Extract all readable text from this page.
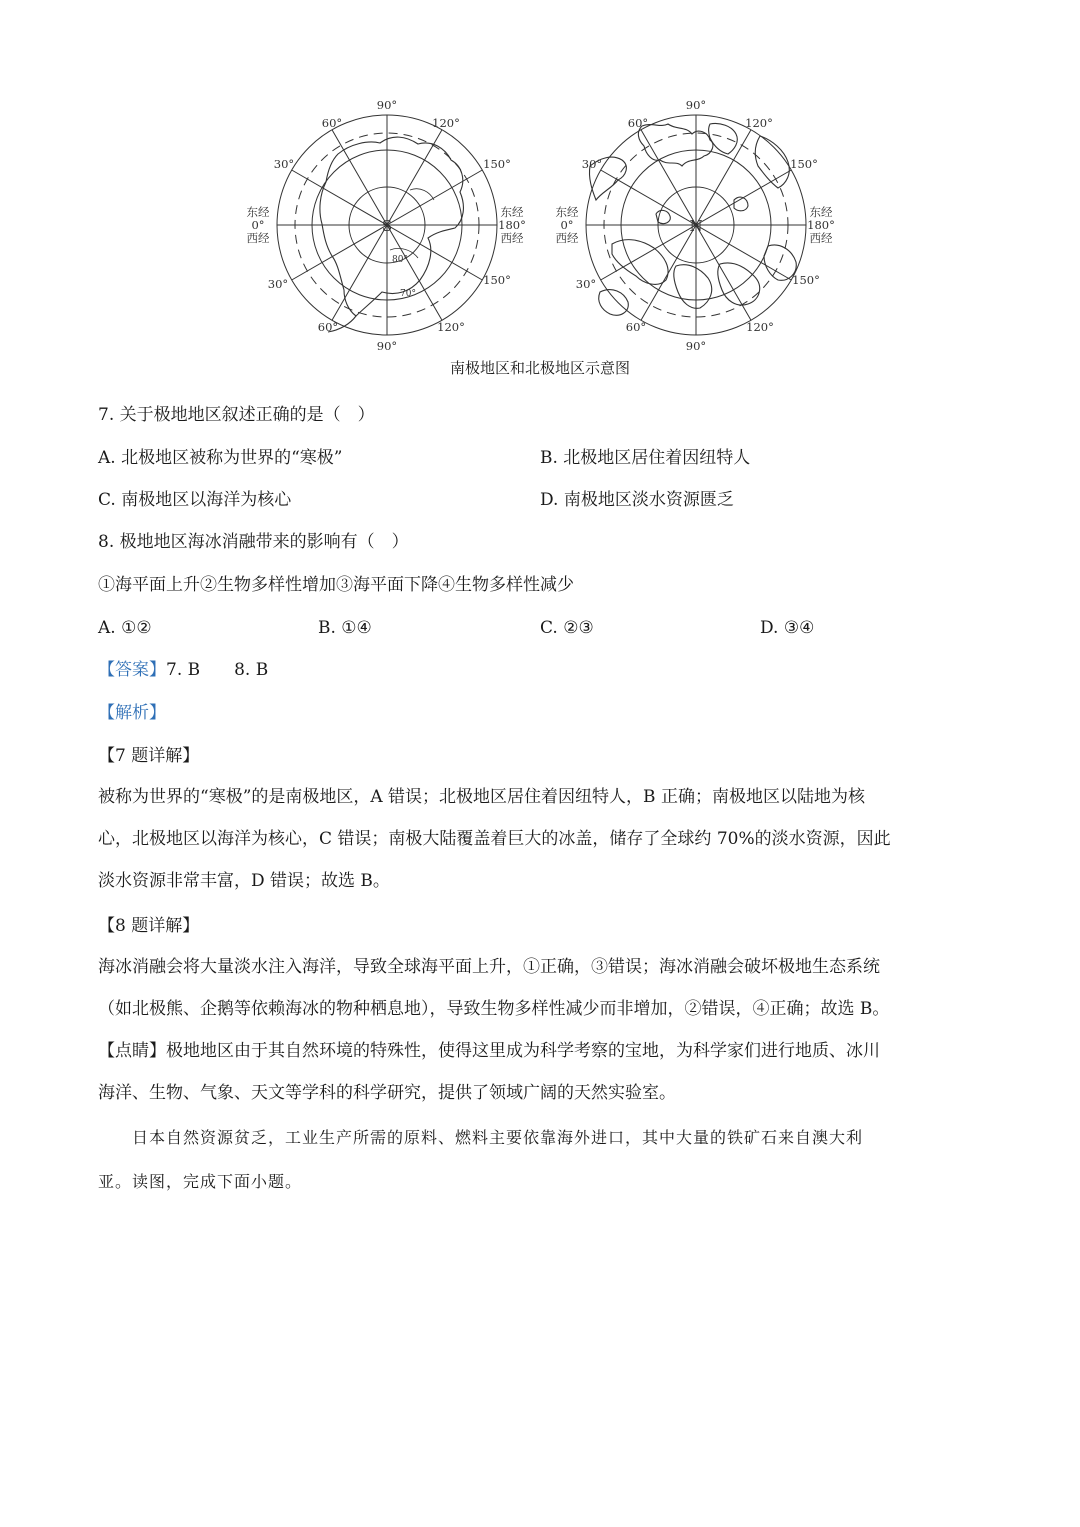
90°
60°	120°
30°	150°
30°	150°
60°	120°
90°
东经
0°
西经
东经
180°
西经
S
80°
70°
90°
60°	120°
30°	150°
30°	150°
60°	120°
90°
东经
0°
西经
东经
180°
西经
N
南极地区和北极地区示意图
7. 关于极地地区叙述正确的是（　）
A. 北极地区被称为世界的“寒极”	B. 北极地区居住着因纽特人
C. 南极地区以海洋为核心	D. 南极地区淡水资源匮乏
8. 极地地区海冰消融带来的影响有（　）
①海平面上升②生物多样性增加③海平面下降④生物多样性减少
A. ①②	B. ①④	C. ②③	D. ③④
【答案】7. B　　8. B
【解析】
【7 题详解】

被称为世界的“寒极”的是南极地区，A 错误；北极地区居住着因纽特人，B 正确；南极地区以陆地为核

心，北极地区以海洋为核心，C 错误；南极大陆覆盖着巨大的冰盖，储存了全球约 70%的淡水资源，因此

淡水资源非常丰富，D 错误；故选 B。

【8 题详解】

海冰消融会将大量淡水注入海洋，导致全球海平面上升，①正确，③错误；海冰消融会破坏极地生态系统

（如北极熊、企鹅等依赖海冰的物种栖息地），导致生物多样性减少而非增加，②错误，④正确；故选 B。

【点睛】极地地区由于其自然环境的特殊性，使得这里成为科学考察的宝地，为科学家们进行地质、冰川

海洋、生物、气象、天文等学科的科学研究，提供了领域广阔的天然实验室。

日本自然资源贫乏，工业生产所需的原料、燃料主要依靠海外进口，其中大量的铁矿石来自澳大利

亚。读图，完成下面小题。
